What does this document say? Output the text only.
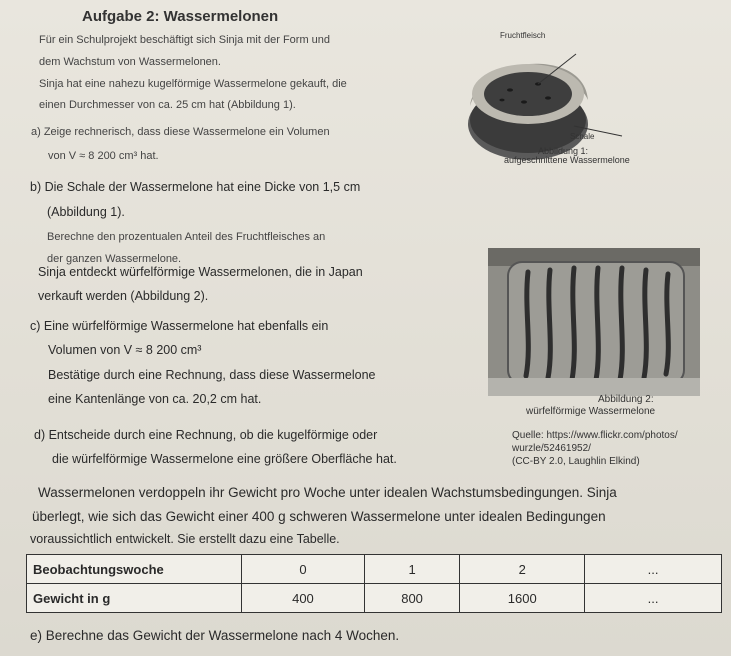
Aufgabe 2: Wassermelonen
Für ein Schulprojekt beschäftigt sich Sinja mit der Form und
dem Wachstum von Wassermelonen.
Sinja hat eine nahezu kugelförmige Wassermelone gekauft, die
einen Durchmesser von ca. 25 cm hat (Abbildung 1).
a) Zeige rechnerisch, dass diese Wassermelone ein Volumen
von V ≈ 8 200 cm³ hat.
b) Die Schale der Wassermelone hat eine Dicke von 1,5 cm
(Abbildung 1).
Berechne den prozentualen Anteil des Fruchtfleisches an
der ganzen Wassermelone.
Sinja entdeckt würfelförmige Wassermelonen, die in Japan
verkauft werden (Abbildung 2).
c) Eine würfelförmige Wassermelone hat ebenfalls ein
Volumen von V ≈ 8 200 cm³
Bestätige durch eine Rechnung, dass diese Wassermelone
eine Kantenlänge von ca. 20,2 cm hat.
d) Entscheide durch eine Rechnung, ob die kugelförmige oder
die würfelförmige Wassermelone eine größere Oberfläche hat.
Fruchtfleisch
Schale
Abbildung 1:
aufgeschnittene Wassermelone
Abbildung 2:
würfelförmige Wassermelone
Quelle: https://www.flickr.com/photos/
wurzle/52461952/
(CC-BY 2.0, Laughlin Elkind)
Wassermelonen verdoppeln ihr Gewicht pro Woche unter idealen Wachstumsbedingungen. Sinja
überlegt, wie sich das Gewicht einer 400 g schweren Wassermelone unter idealen Bedingungen
voraussichtlich entwickelt. Sie erstellt dazu eine Tabelle.
Beobachtungswoche	0	1	2	...
Gewicht in g	400	800	1600	...
e) Berechne das Gewicht der Wassermelone nach 4 Wochen.
